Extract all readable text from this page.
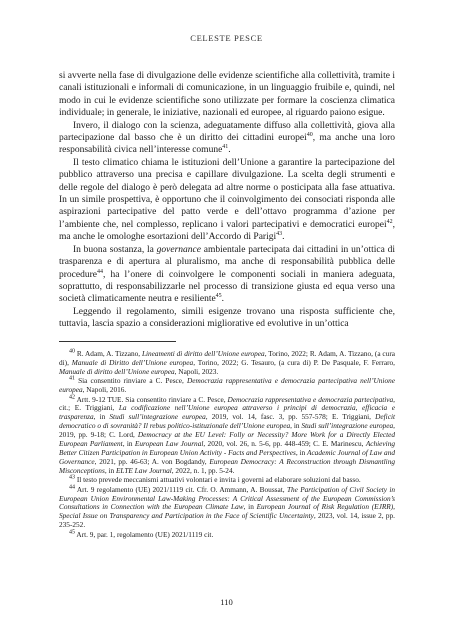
CELESTE PESCE

si avverte nella fase di divulgazione delle evidenze scientifiche alla collettività, tramite i canali istituzionali e informali di comunicazione, in un linguaggio fruibile e, quindi, nel modo in cui le evidenze scientifiche sono utilizzate per formare la coscienza climatica individuale; in generale, le iniziative, nazionali ed europee, al riguardo paiono esigue.

Invero, il dialogo con la scienza, adeguatamente diffuso alla collettività, giova alla partecipazione dal basso che è un diritto dei cittadini europei$^{40}$, ma anche una loro responsabilità civica nell’interesse comune$^{41}$.

Il testo climatico chiama le istituzioni dell’Unione a garantire la partecipazione del pubblico attraverso una precisa e capillare divulgazione. La scelta degli strumenti e delle regole del dialogo è però delegata ad altre norme o posticipata alla fase attuativa. In un simile prospettiva, è opportuno che il coinvolgimento dei consociati risponda alle aspirazioni partecipative del patto verde e dell’ottavo programma d’azione per l’ambiente che, nel complesso, replicano i valori partecipativi e democratici europei$^{42}$, ma anche le omologhe esortazioni dell’Accordo di Parigi$^{43}$.

In buona sostanza, la governance ambientale partecipata dai cittadini in un’ottica di trasparenza e di apertura al pluralismo, ma anche di responsabilità pubblica delle procedure$^{44}$, ha l’onere di coinvolgere le componenti sociali in maniera adeguata, soprattutto, di responsabilizzarle nel processo di transizione giusta ed equa verso una società climaticamente neutra e resiliente$^{45}$.

Leggendo il regolamento, simili esigenze trovano una risposta sufficiente che, tuttavia, lascia spazio a considerazioni migliorative ed evolutive in un’ottica

$^{40}$ R. Adam, A. Tizzano, Lineamenti di diritto dell’Unione europea, Torino, 2022; R. Adam, A. Tizzano, (a cura di), Manuale di Diritto dell’Unione europea, Torino, 2022; G. Tesauro, (a cura di) P. De Pasquale, F. Ferraro, Manuale di diritto dell’Unione europea, Napoli, 2023.

$^{41}$ Sia consentito rinviare a C. Pesce, Democrazia rappresentativa e democrazia partecipativa nell’Unione europea, Napoli, 2016.

$^{42}$ Artt. 9-12 TUE. Sia consentito rinviare a C. Pesce, Democrazia rappresentativa e democrazia partecipativa, cit.; E. Triggiani, La codificazione nell’Unione europea attraverso i principi di democrazia, efficacia e trasparenza, in Studi sull’integrazione europea, 2019, vol. 14, fasc. 3, pp. 557-578; E. Triggiani, Deficit democratico o di sovranità? Il rebus politico-istituzionale dell’Unione europea, in Studi sull’integrazione europea, 2019, pp. 9-18; C. Lord, Democracy at the EU Level: Folly or Necessity? More Work for a Directly Elected European Parliament, in European Law Journal, 2020, vol. 26, n. 5-6, pp. 448-459; C. E. Marinescu, Achieving Better Citizen Participation in European Union Activity - Facts and Perspectives, in Academic Journal of Law and Governance, 2021, pp. 46-63; A. von Bogdandy, European Democracy: A Reconstruction through Dismantling Misconceptions, in ELTE Law Journal, 2022, n. 1, pp. 5-24.

$^{43}$ Il testo prevede meccanismi attuativi volontari e invita i governi ad elaborare soluzioni dal basso.

$^{44}$ Art. 9 regolamento (UE) 2021/1119 cit. Cfr. O. Ammann, A. Boussat, The Participation of Civil Society in European Union Environmental Law-Making Processes: A Critical Assessment of the European Commission’s Consultations in Connection with the European Climate Law, in European Journal of Risk Regulation (EJRR), Special Issue on Transparency and Participation in the Face of Scientific Uncertainty, 2023, vol. 14, issue 2, pp. 235-252.

$^{45}$ Art. 9, par. 1, regolamento (UE) 2021/1119 cit.

110
